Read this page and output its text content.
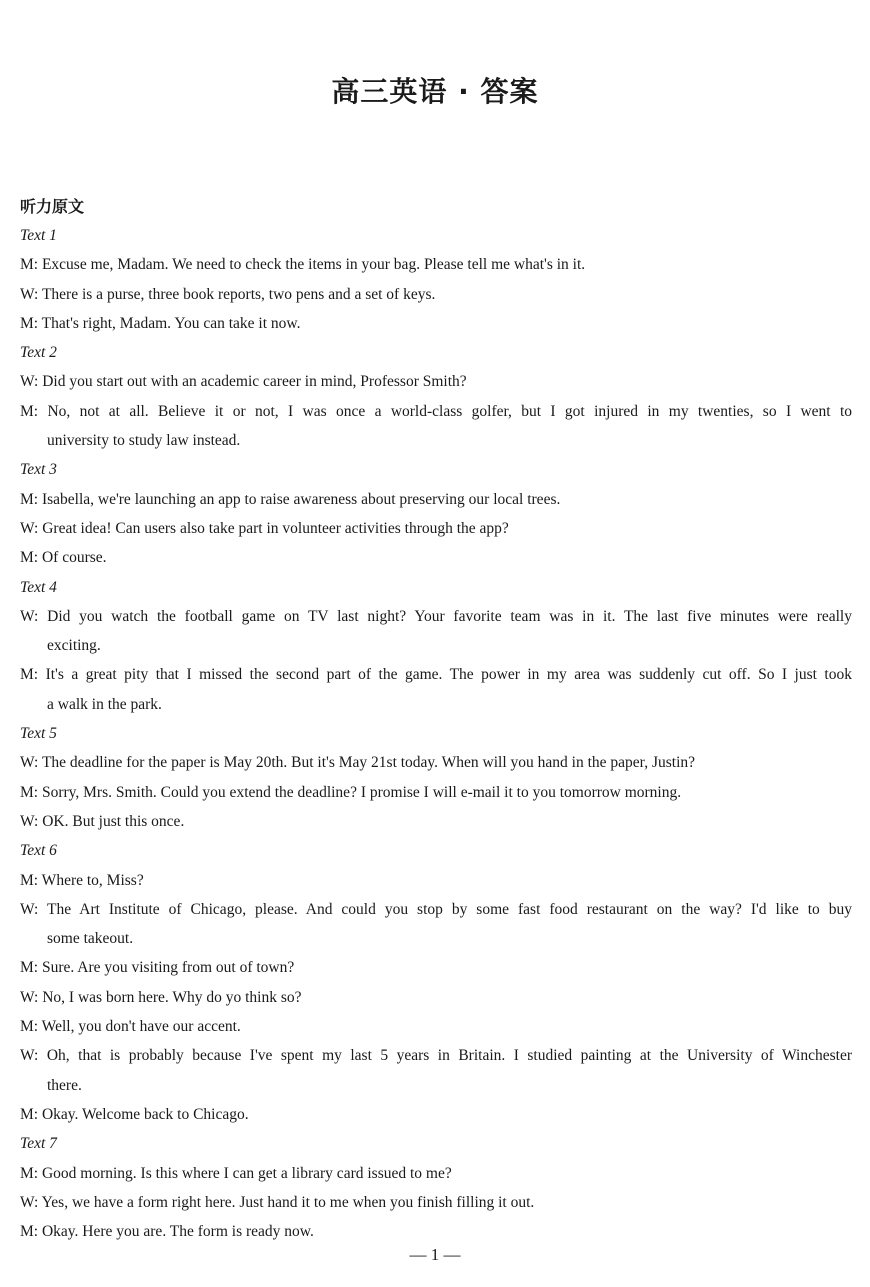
高三英语 · 答案
听力原文
Text 1
M: Excuse me, Madam. We need to check the items in your bag. Please tell me what's in it.
W: There is a purse, three book reports, two pens and a set of keys.
M: That's right, Madam. You can take it now.
Text 2
W: Did you start out with an academic career in mind, Professor Smith?
M: No, not at all. Believe it or not, I was once a world-class golfer, but I got injured in my twenties, so I went to
university to study law instead.
Text 3
M: Isabella, we're launching an app to raise awareness about preserving our local trees.
W: Great idea! Can users also take part in volunteer activities through the app?
M: Of course.
Text 4
W: Did you watch the football game on TV last night? Your favorite team was in it. The last five minutes were really
exciting.
M: It's a great pity that I missed the second part of the game. The power in my area was suddenly cut off. So I just took
a walk in the park.
Text 5
W: The deadline for the paper is May 20th. But it's May 21st today. When will you hand in the paper, Justin?
M: Sorry, Mrs. Smith. Could you extend the deadline? I promise I will e-mail it to you tomorrow morning.
W: OK. But just this once.
Text 6
M: Where to, Miss?
W: The Art Institute of Chicago, please. And could you stop by some fast food restaurant on the way? I'd like to buy
some takeout.
M: Sure. Are you visiting from out of town?
W: No, I was born here. Why do yo think so?
M: Well, you don't have our accent.
W: Oh, that is probably because I've spent my last 5 years in Britain. I studied painting at the University of Winchester
there.
M: Okay. Welcome back to Chicago.
Text 7
M: Good morning. Is this where I can get a library card issued to me?
W: Yes, we have a form right here. Just hand it to me when you finish filling it out.
M: Okay. Here you are. The form is ready now.
— 1 —
